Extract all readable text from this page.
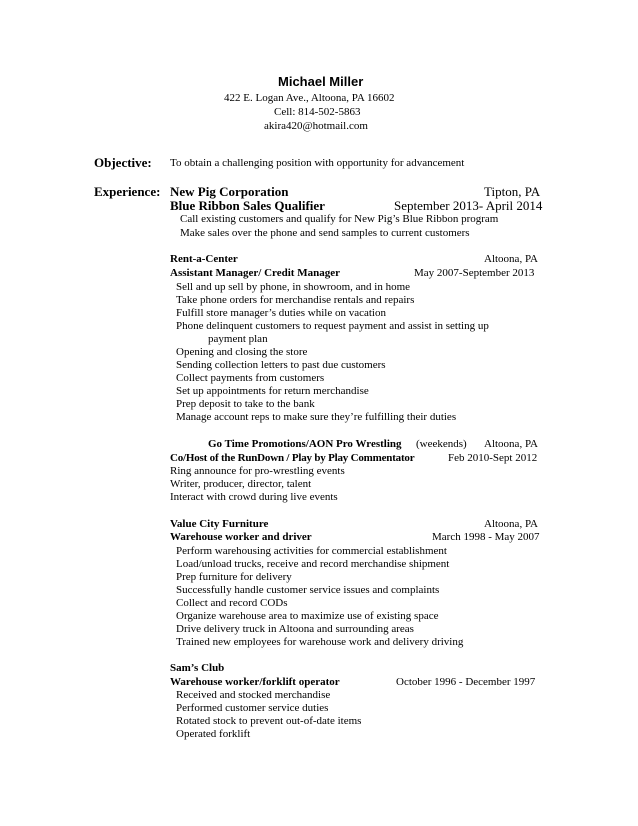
Michael Miller
422 E. Logan Ave., Altoona, PA 16602
Cell: 814-502-5863
akira420@hotmail.com
Objective: To obtain a challenging position with opportunity for advancement
Experience: New Pig Corporation	Tipton, PA
Blue Ribbon Sales Qualifier	September 2013- April 2014
Call existing customers and qualify for New Pig’s Blue Ribbon program
Make sales over the phone and send samples to current customers
Rent-a-Center	Altoona, PA
Assistant Manager/ Credit Manager	May 2007-September 2013
Sell and up sell by phone, in showroom, and in home
Take phone orders for merchandise rentals and repairs
Fulfill store manager’s duties while on vacation
Phone delinquent customers to request payment and assist in setting up
payment plan
Opening and closing the store
Sending collection letters to past due customers
Collect payments from customers
Set up appointments for return merchandise
Prep deposit to take to the bank
Manage account reps to make sure they’re fulfilling their duties
Go Time Promotions/AON Pro Wrestling (weekends) Altoona, PA
Co/Host of the RunDown / Play by Play Commentator	Feb 2010-Sept 2012
Ring announce for pro-wrestling events
Writer, producer, director, talent
Interact with crowd during live events
Value City Furniture	Altoona, PA
Warehouse worker and driver	March 1998 - May 2007
Perform warehousing activities for commercial establishment
Load/unload trucks, receive and record merchandise shipment
Prep furniture for delivery
Successfully handle customer service issues and complaints
Collect and record CODs
Organize warehouse area to maximize use of existing space
Drive delivery truck in Altoona and surrounding areas
Trained new employees for warehouse work and delivery driving
Sam’s Club
Warehouse worker/forklift operator	October 1996 - December 1997
Received and stocked merchandise
Performed customer service duties
Rotated stock to prevent out-of-date items
Operated forklift
